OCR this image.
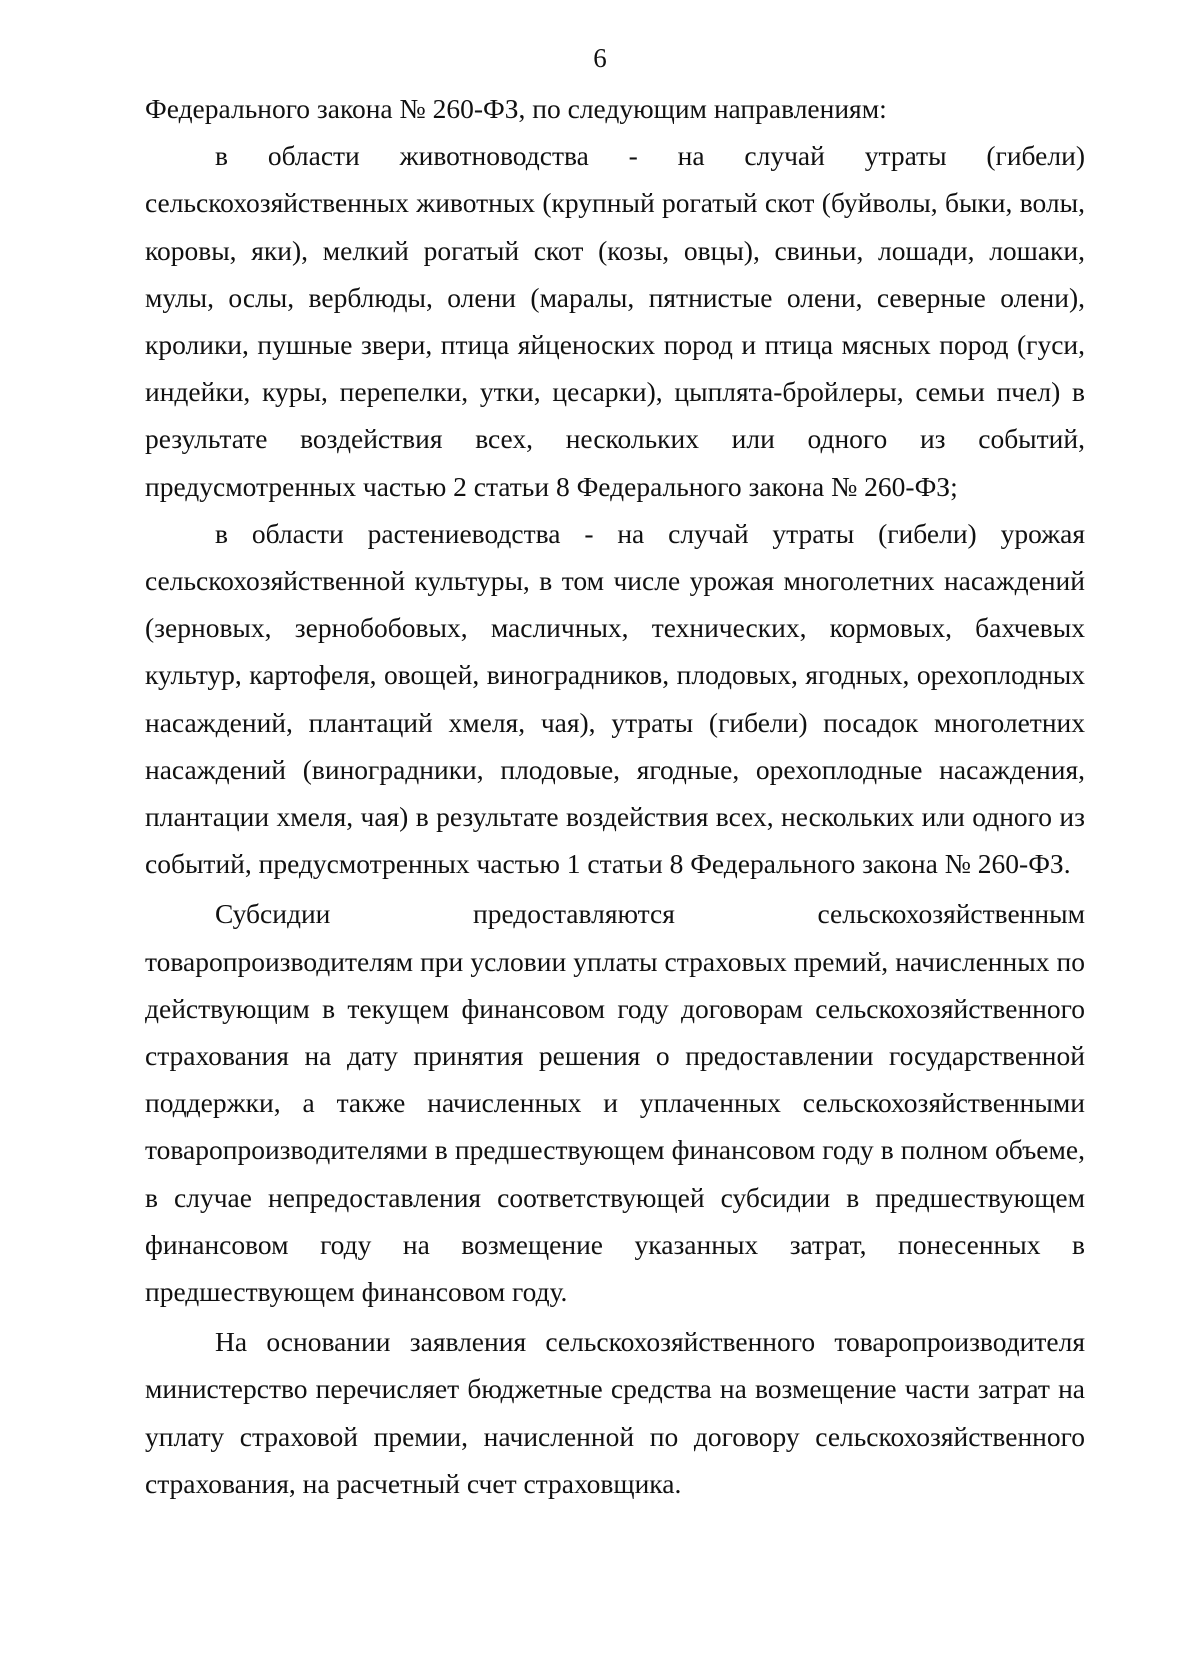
6

Федерального закона № 260-ФЗ, по следующим направлениям:

в области животноводства - на случай утраты (гибели) сельскохозяйственных животных (крупный рогатый скот (буйволы, быки, волы, коровы, яки), мелкий рогатый скот (козы, овцы), свиньи, лошади, лошаки, мулы, ослы, верблюды, олени (маралы, пятнистые олени, северные олени), кролики, пушные звери, птица яйценоских пород и птица мясных пород (гуси, индейки, куры, перепелки, утки, цесарки), цыплята-бройлеры, семьи пчел) в результате воздействия всех, нескольких или одного из событий, предусмотренных частью 2 статьи 8 Федерального закона № 260-ФЗ;

в области растениеводства - на случай утраты (гибели) урожая сельскохозяйственной культуры, в том числе урожая многолетних насаждений (зерновых, зернобобовых, масличных, технических, кормовых, бахчевых культур, картофеля, овощей, виноградников, плодовых, ягодных, орехоплодных насаждений, плантаций хмеля, чая), утраты (гибели) посадок многолетних насаждений (виноградники, плодовые, ягодные, орехоплодные насаждения, плантации хмеля, чая) в результате воздействия всех, нескольких или одного из событий, предусмотренных частью 1 статьи 8 Федерального закона № 260-ФЗ.

Субсидии предоставляются сельскохозяйственным товаропроизводителям при условии уплаты страховых премий, начисленных по действующим в текущем финансовом году договорам сельскохозяйственного страхования на дату принятия решения о предоставлении государственной поддержки, а также начисленных и уплаченных сельскохозяйственными товаропроизводителями в предшествующем финансовом году в полном объеме, в случае непредоставления соответствующей субсидии в предшествующем финансовом году на возмещение указанных затрат, понесенных в предшествующем финансовом году.

На основании заявления сельскохозяйственного товаропроизводителя министерство перечисляет бюджетные средства на возмещение части затрат на уплату страховой премии, начисленной по договору сельскохозяйственного страхования, на расчетный счет страховщика.
